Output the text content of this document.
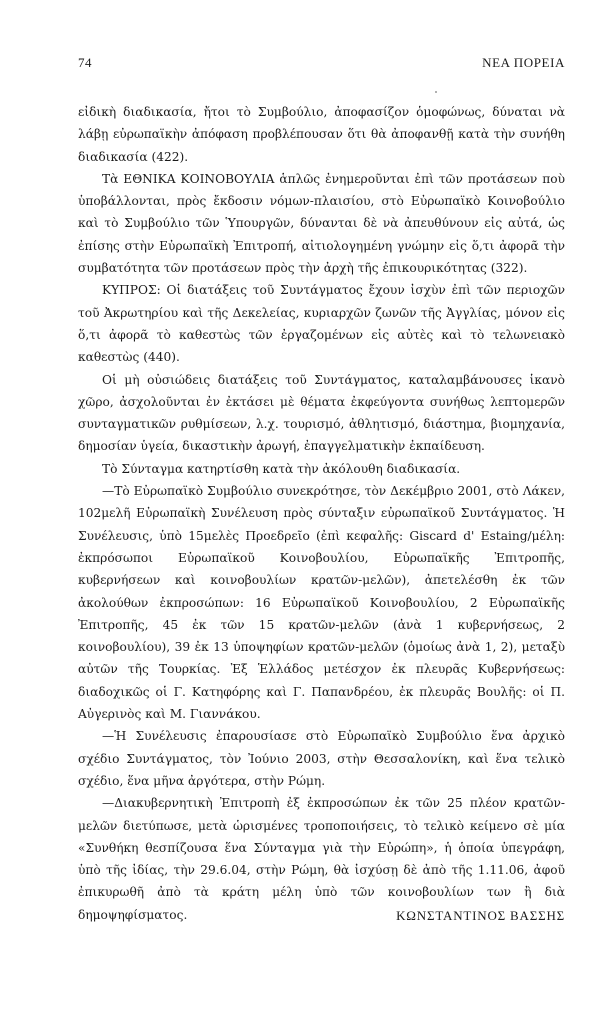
74	ΝΕΑ ΠΟΡΕΙΑ

εἰδικὴ διαδικασία, ἤτοι τὸ Συμβούλιο, ἀποφασίζον ὁμοφώνως, δύναται νὰ λάβῃ εὐρωπαϊκὴν ἀπόφαση προβλέπουσαν ὅτι θὰ ἀποφανθῇ κατὰ τὴν συνήθη διαδικασία (422).

Τὰ ΕΘΝΙΚΑ ΚΟΙΝΟΒΟΥΛΙΑ ἁπλῶς ἐνημεροῦνται ἐπὶ τῶν προτάσεων ποὺ ὑποβάλλονται, πρὸς ἔκδοσιν νόμων-πλαισίου, στὸ Εὐρωπαϊκὸ Κοινοβούλιο καὶ τὸ Συμβούλιο τῶν Ὑπουργῶν, δύνανται δὲ νὰ ἀπευθύνουν εἰς αὐτά, ὡς ἐπίσης στὴν Εὐρωπαϊκὴ Ἐπιτροπή, αἰτιολογημένη γνώμην εἰς ὅ,τι ἀφορᾶ τὴν συμβατότητα τῶν προτάσεων πρὸς τὴν ἀρχὴ τῆς ἐπικουρικότητας (322).

ΚΥΠΡΟΣ: Οἱ διατάξεις τοῦ Συντάγματος ἔχουν ἰσχὺν ἐπὶ τῶν περιοχῶν τοῦ Ἀκρωτηρίου καὶ τῆς Δεκελείας, κυριαρχῶν ζωνῶν τῆς Ἀγγλίας, μόνον εἰς ὅ,τι ἀφορᾶ τὸ καθεστὼς τῶν ἐργαζομένων εἰς αὐτὲς καὶ τὸ τελωνειακὸ καθεστὼς (440).

Οἱ μὴ οὐσιώδεις διατάξεις τοῦ Συντάγματος, καταλαμβάνουσες ἱκανὸ χῶρο, ἀσχολοῦνται ἐν ἐκτάσει μὲ θέματα ἐκφεύγοντα συνήθως λεπτομερῶν συνταγματικῶν ρυθμίσεων, λ.χ. τουρισμό, ἀθλητισμό, διάστημα, βιομηχανία, δημοσίαν ὑγεία, δικαστικὴν ἀρωγή, ἐπαγγελματικὴν ἐκπαίδευση.

Τὸ Σύνταγμα κατηρτίσθη κατὰ τὴν ἀκόλουθη διαδικασία.

—Τὸ Εὐρωπαϊκὸ Συμβούλιο συνεκρότησε, τὸν Δεκέμβριο 2001, στὸ Λάκεν, 102μελῆ Εὐρωπαϊκὴ Συνέλευση πρὸς σύνταξιν εὐρωπαϊκοῦ Συντάγματος. Ἡ Συνέλευσις, ὑπὸ 15μελὲς Προεδρεῖο (ἐπὶ κεφαλῆς: Giscard d' Estaing/μέλη: ἐκπρόσωποι Εὐρωπαϊκοῦ Κοινοβουλίου, Εὐρωπαϊκῆς Ἐπιτροπῆς, κυβερνήσεων καὶ κοινοβουλίων κρατῶν-μελῶν), ἀπετελέσθη ἐκ τῶν ἀκολούθων ἐκπροσώπων: 16 Εὐρωπαϊκοῦ Κοινοβουλίου, 2 Εὐρωπαϊκῆς Ἐπιτροπῆς, 45 ἐκ τῶν 15 κρατῶν-μελῶν (ἀνὰ 1 κυβερνήσεως, 2 κοινοβουλίου), 39 ἐκ 13 ὑποψηφίων κρατῶν-μελῶν (ὁμοίως ἀνὰ 1, 2), μεταξὺ αὐτῶν τῆς Τουρκίας. Ἐξ Ἑλλάδος μετέσχον ἐκ πλευρᾶς Κυβερνήσεως: διαδοχικῶς οἱ Γ. Κατηφόρης καὶ Γ. Παπανδρέου, ἐκ πλευρᾶς Βουλῆς: οἱ Π. Αὐγερινὸς καὶ Μ. Γιαννάκου.

—Ἡ Συνέλευσις ἐπαρουσίασε στὸ Εὐρωπαϊκὸ Συμβούλιο ἕνα ἀρχικὸ σχέδιο Συντάγματος, τὸν Ἰούνιο 2003, στὴν Θεσσαλονίκη, καὶ ἕνα τελικὸ σχέδιο, ἕνα μῆνα ἀργότερα, στὴν Ρώμη.

—Διακυβερνητικὴ Ἐπιτροπὴ ἐξ ἐκπροσώπων ἐκ τῶν 25 πλέον κρατῶν-μελῶν διετύπωσε, μετὰ ὡρισμένες τροποποιήσεις, τὸ τελικὸ κείμενο σὲ μία «Συνθήκη θεσπίζουσα ἕνα Σύνταγμα γιὰ τὴν Εὐρώπη», ἡ ὁποία ὑπεγράφη, ὑπὸ τῆς ἰδίας, τὴν 29.6.04, στὴν Ρώμη, θὰ ἰσχύσῃ δὲ ἀπὸ τῆς 1.11.06, ἀφοῦ ἐπικυρωθῆ ἀπὸ τὰ κράτη μέλη ὑπὸ τῶν κοινοβουλίων των ἢ διὰ δημοψηφίσματος.	ΚΩΝΣΤΑΝΤΙΝΟΣ ΒΑΣΣΗΣ
